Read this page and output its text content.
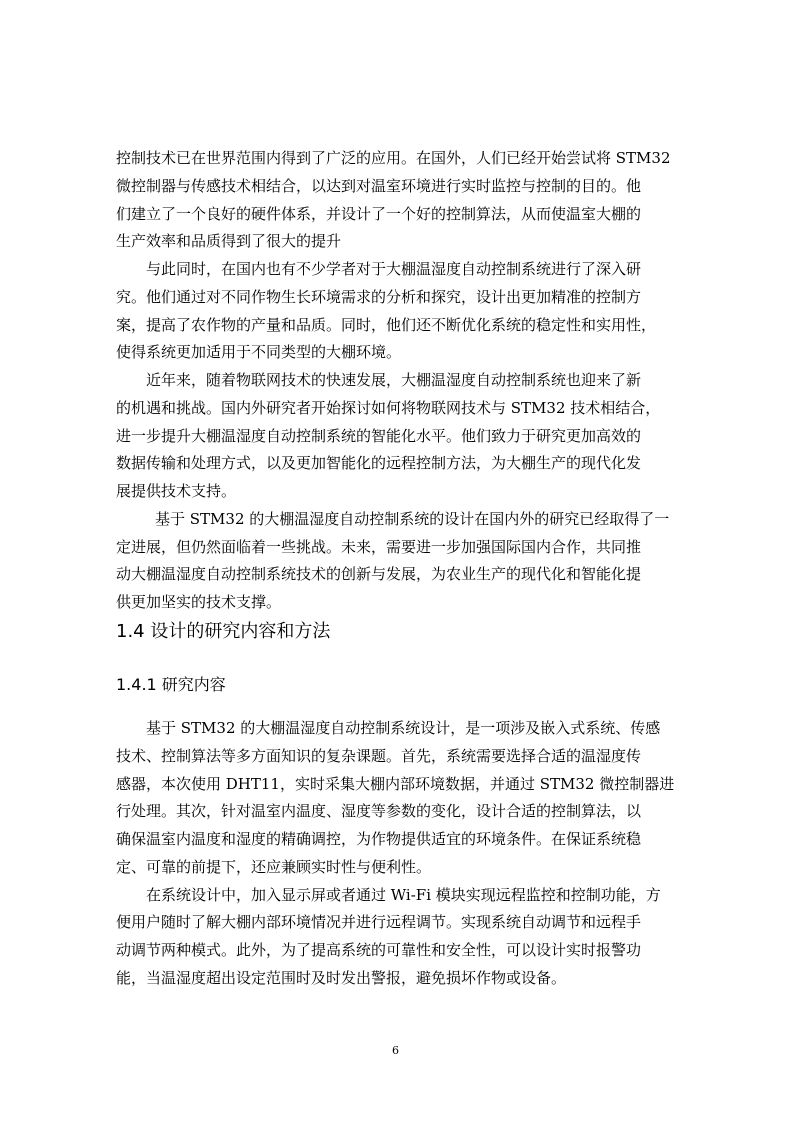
控制技术已在世界范围内得到了广泛的应用。在国外，人们已经开始尝试将 STM32
微控制器与传感技术相结合，以达到对温室环境进行实时监控与控制的目的。他
们建立了一个良好的硬件体系，并设计了一个好的控制算法，从而使温室大棚的
生产效率和品质得到了很大的提升
与此同时，在国内也有不少学者对于大棚温湿度自动控制系统进行了深入研
究。他们通过对不同作物生长环境需求的分析和探究，设计出更加精准的控制方
案，提高了农作物的产量和品质。同时，他们还不断优化系统的稳定性和实用性，
使得系统更加适用于不同类型的大棚环境。
近年来，随着物联网技术的快速发展，大棚温湿度自动控制系统也迎来了新
的机遇和挑战。国内外研究者开始探讨如何将物联网技术与 STM32 技术相结合，
进一步提升大棚温湿度自动控制系统的智能化水平。他们致力于研究更加高效的
数据传输和处理方式，以及更加智能化的远程控制方法，为大棚生产的现代化发
展提供技术支持。
基于 STM32 的大棚温湿度自动控制系统的设计在国内外的研究已经取得了一
定进展，但仍然面临着一些挑战。未来，需要进一步加强国际国内合作，共同推
动大棚温湿度自动控制系统技术的创新与发展，为农业生产的现代化和智能化提
供更加坚实的技术支撑。
1.4 设计的研究内容和方法
1.4.1 研究内容
基于 STM32 的大棚温湿度自动控制系统设计，是一项涉及嵌入式系统、传感
技术、控制算法等多方面知识的复杂课题。首先，系统需要选择合适的温湿度传
感器，本次使用 DHT11，实时采集大棚内部环境数据，并通过 STM32 微控制器进
行处理。其次，针对温室内温度、湿度等参数的变化，设计合适的控制算法，以
确保温室内温度和湿度的精确调控，为作物提供适宜的环境条件。在保证系统稳
定、可靠的前提下，还应兼顾实时性与便利性。
在系统设计中，加入显示屏或者通过 Wi-Fi 模块实现远程监控和控制功能，方
便用户随时了解大棚内部环境情况并进行远程调节。实现系统自动调节和远程手
动调节两种模式。此外，为了提高系统的可靠性和安全性，可以设计实时报警功
能，当温湿度超出设定范围时及时发出警报，避免损坏作物或设备。
6
